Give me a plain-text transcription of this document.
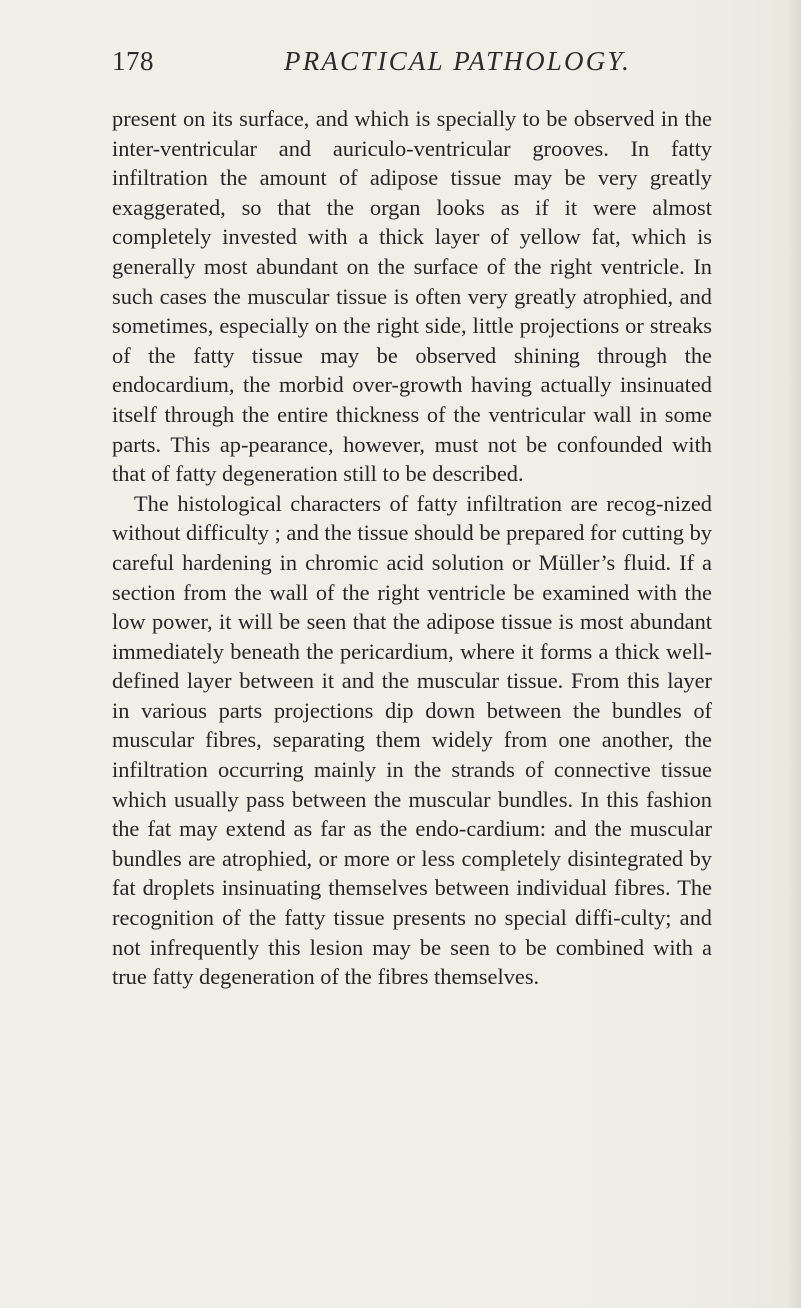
178	PRACTICAL PATHOLOGY.

present on its surface, and which is specially to be observed in the inter-ventricular and auriculo-ventricular grooves. In fatty infiltration the amount of adipose tissue may be very greatly exaggerated, so that the organ looks as if it were almost completely invested with a thick layer of yellow fat, which is generally most abundant on the surface of the right ventricle. In such cases the muscular tissue is often very greatly atrophied, and sometimes, especially on the right side, little projections or streaks of the fatty tissue may be observed shining through the endocardium, the morbid over-growth having actually insinuated itself through the entire thickness of the ventricular wall in some parts. This ap-pearance, however, must not be confounded with that of fatty degeneration still to be described.

The histological characters of fatty infiltration are recog-nized without difficulty ; and the tissue should be prepared for cutting by careful hardening in chromic acid solution or Müller’s fluid. If a section from the wall of the right ventricle be examined with the low power, it will be seen that the adipose tissue is most abundant immediately beneath the pericardium, where it forms a thick well-defined layer between it and the muscular tissue. From this layer in various parts projections dip down between the bundles of muscular fibres, separating them widely from one another, the infiltration occurring mainly in the strands of connective tissue which usually pass between the muscular bundles. In this fashion the fat may extend as far as the endo-cardium: and the muscular bundles are atrophied, or more or less completely disintegrated by fat droplets insinuating themselves between individual fibres. The recognition of the fatty tissue presents no special diffi-culty; and not infrequently this lesion may be seen to be combined with a true fatty degeneration of the fibres themselves.
